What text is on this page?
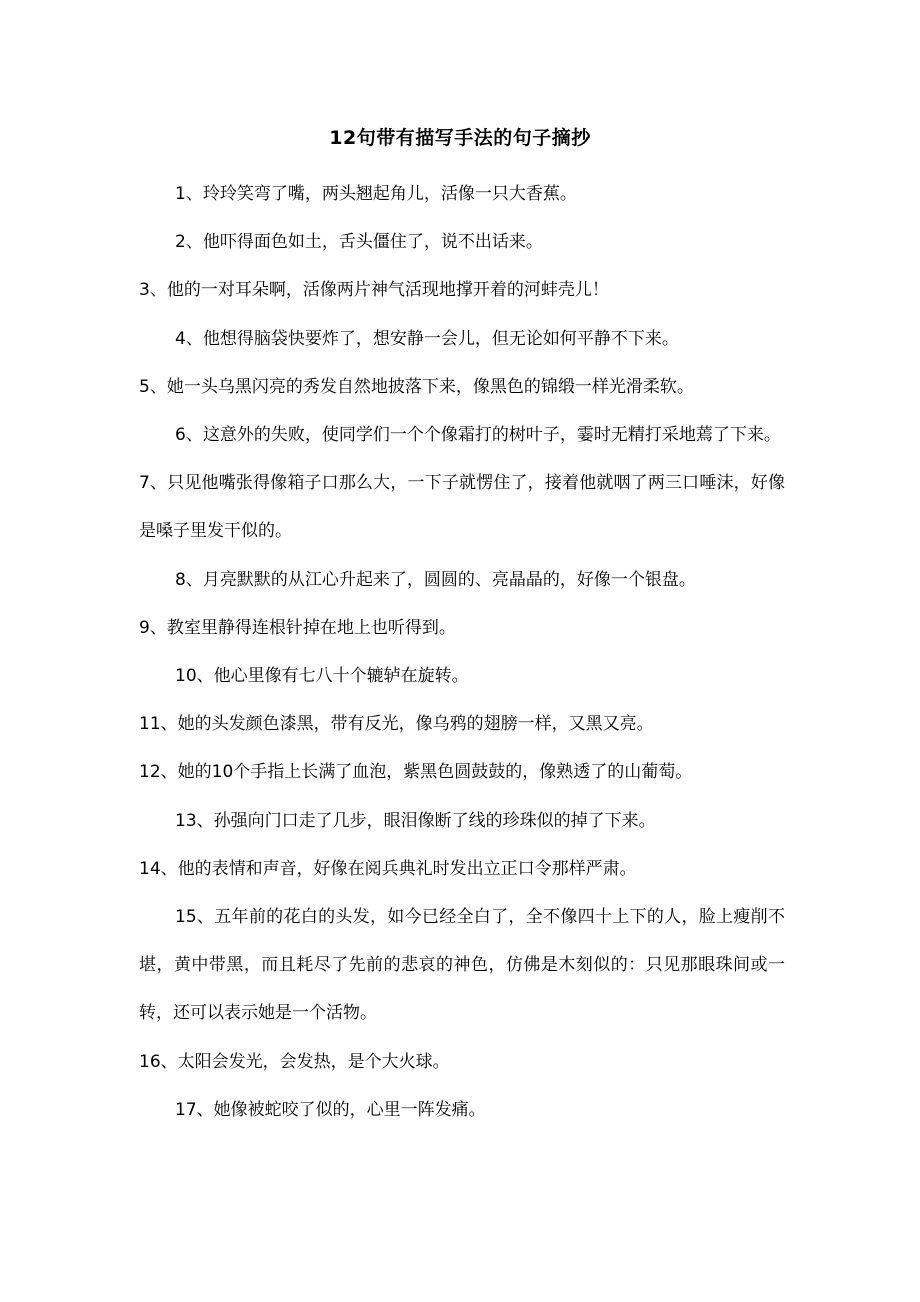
12句带有描写手法的句子摘抄

1、玲玲笑弯了嘴，两头翘起角儿，活像一只大香蕉。

2、他吓得面色如土，舌头僵住了，说不出话来。

3、他的一对耳朵啊，活像两片神气活现地撑开着的河蚌壳儿！

4、他想得脑袋快要炸了，想安静一会儿，但无论如何平静不下来。

5、她一头乌黑闪亮的秀发自然地披落下来，像黑色的锦缎一样光滑柔软。

6、这意外的失败，使同学们一个个像霜打的树叶子，霎时无精打采地蔫了下来。

7、只见他嘴张得像箱子口那么大，一下子就愣住了，接着他就咽了两三口唾沫，好像是嗓子里发干似的。

8、月亮默默的从江心升起来了，圆圆的、亮晶晶的，好像一个银盘。

9、教室里静得连根针掉在地上也听得到。

10、他心里像有七八十个辘轳在旋转。

11、她的头发颜色漆黑，带有反光，像乌鸦的翅膀一样，又黑又亮。

12、她的10个手指上长满了血泡，紫黑色圆鼓鼓的，像熟透了的山葡萄。

13、孙强向门口走了几步，眼泪像断了线的珍珠似的掉了下来。

14、他的表情和声音，好像在阅兵典礼时发出立正口令那样严肃。

15、五年前的花白的头发，如今已经全白了，全不像四十上下的人，脸上瘦削不堪，黄中带黑，而且耗尽了先前的悲哀的神色，仿佛是木刻似的：只见那眼珠间或一转，还可以表示她是一个活物。

16、太阳会发光，会发热，是个大火球。

17、她像被蛇咬了似的，心里一阵发痛。
